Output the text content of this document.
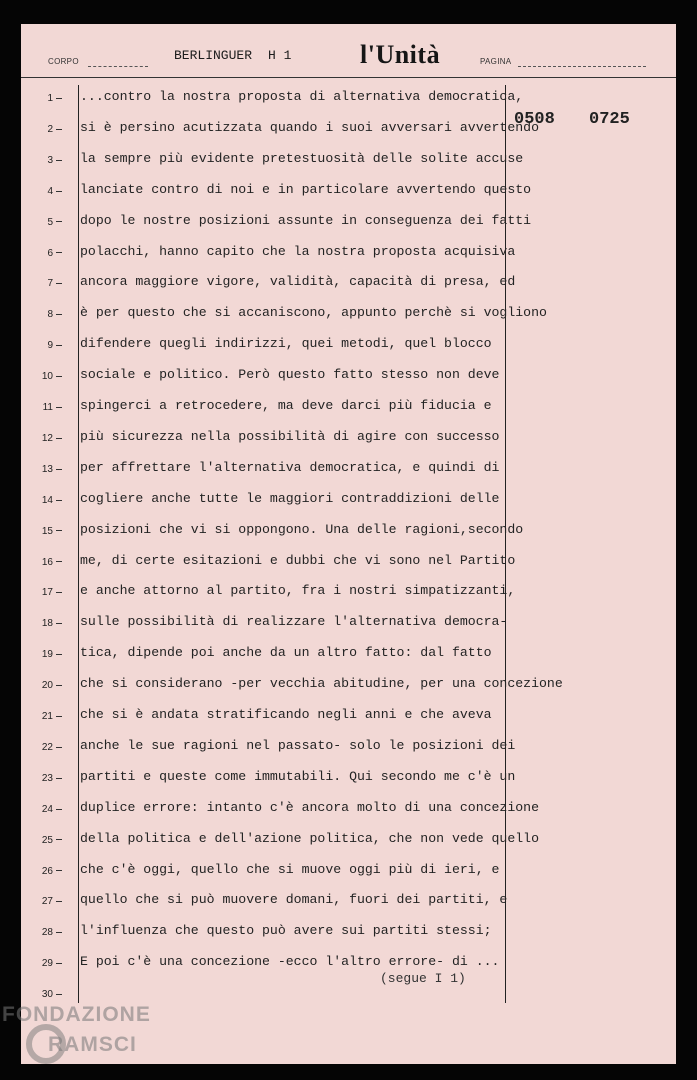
CORPO	BERLINGUER H 1	l'Unità	PAGINA
0508 0725
1
2
3
4
5
6
7
8
9
10
11
12
13
14
15
16
17
18
19
20
21
22
23
24
25
26
27
28
29
30
...contro la nostra proposta di alternativa democratica,
si è persino acutizzata quando i suoi avversari avvertendo
la sempre più evidente pretestuosità delle solite accuse
lanciate contro di noi e in particolare avvertendo questo
dopo le nostre posizioni assunte in conseguenza dei fatti
polacchi, hanno capito che la nostra proposta acquisiva
ancora maggiore vigore, validità, capacità di presa, ed
è per questo che si accaniscono, appunto perchè si vogliono
difendere quegli indirizzi, quei metodi, quel blocco
sociale e politico. Però questo fatto stesso non deve
spingerci a retrocedere, ma deve darci più fiducia e
più sicurezza nella possibilità di agire con successo
per affrettare l'alternativa democratica, e quindi di
cogliere anche tutte le maggiori contraddizioni delle
posizioni che vi si oppongono. Una delle ragioni,secondo
me, di certe esitazioni e dubbi che vi sono nel Partito
e anche attorno al partito, fra i nostri simpatizzanti,
sulle possibilità di realizzare l'alternativa democra-
tica, dipende poi anche da un altro fatto: dal fatto
che si considerano -per vecchia abitudine, per una concezione
che si è andata stratificando negli anni e che aveva
anche le sue ragioni nel passato- solo le posizioni dei
partiti e queste come immutabili. Qui secondo me c'è un
duplice errore: intanto c'è ancora molto di una concezione
della politica e dell'azione politica, che non vede quello
che c'è oggi, quello che si muove oggi più di ieri, e
quello che si può muovere domani, fuori dei partiti, e
l'influenza che questo può avere sui partiti stessi;
E poi c'è una concezione -ecco l'altro errore- di ...
(segue I 1)
FONDAZIONE
RAMSCI
